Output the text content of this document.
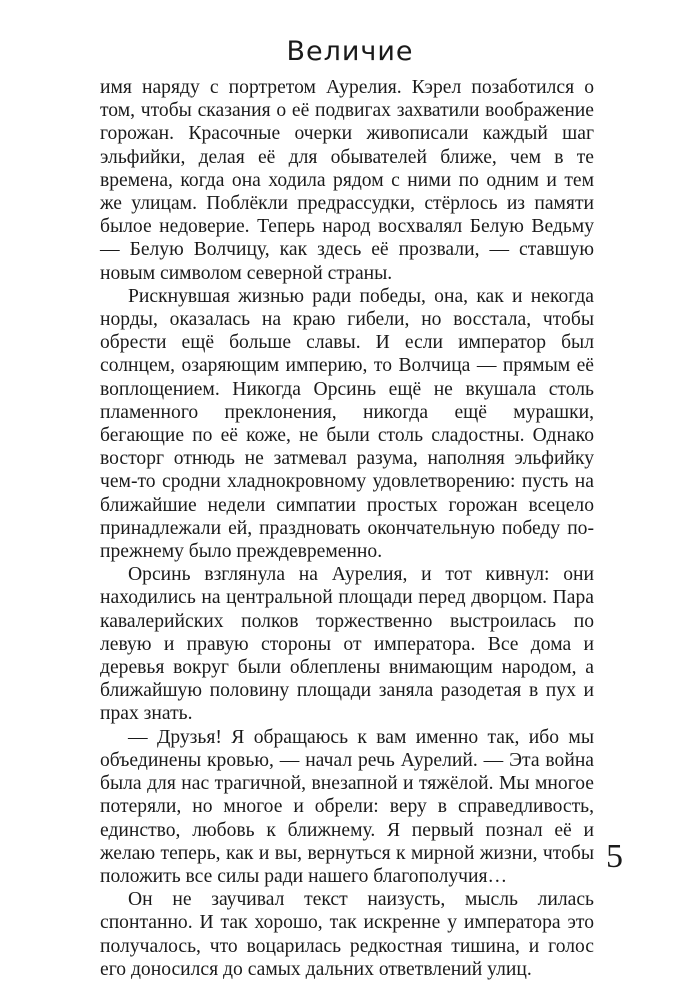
Величие

имя наряду с портретом Аурелия. Кэрел позаботился о том, чтобы сказания о её подвигах захватили воображение горожан. Красочные очерки живописали каждый шаг эльфийки, делая её для обывателей ближе, чем в те времена, когда она ходила рядом с ними по одним и тем же улицам. Поблёкли предрассудки, стёрлось из памяти былое недоверие. Теперь народ восхвалял Белую Ведьму — Белую Волчицу, как здесь её прозвали, — ставшую новым символом северной страны.

Рискнувшая жизнью ради победы, она, как и некогда норды, оказалась на краю гибели, но восстала, чтобы обрести ещё больше славы. И если император был солнцем, озаряющим империю, то Волчица — прямым её воплощением. Никогда Орсинь ещё не вкушала столь пламенного преклонения, никогда ещё мурашки, бегающие по её коже, не были столь сладостны. Однако восторг отнюдь не затмевал разума, наполняя эльфийку чем-то сродни хладнокровному удовлетворению: пусть на ближайшие недели симпатии простых горожан всецело принадлежали ей, праздновать окончательную победу по-прежнему было преждевременно.

Орсинь взглянула на Аурелия, и тот кивнул: они находились на центральной площади перед дворцом. Пара кавалерийских полков торжественно выстроилась по левую и правую стороны от императора. Все дома и деревья вокруг были облеплены внимающим народом, а ближайшую половину площади заняла разодетая в пух и прах знать.

— Друзья! Я обращаюсь к вам именно так, ибо мы объединены кровью, — начал речь Аурелий. — Эта война была для нас трагичной, внезапной и тяжёлой. Мы многое потеряли, но многое и обрели: веру в справедливость, единство, любовь к ближнему. Я первый познал её и желаю теперь, как и вы, вернуться к мирной жизни, чтобы положить все силы ради нашего благополучия…

Он не заучивал текст наизусть, мысль лилась спонтанно. И так хорошо, так искренне у императора это получалось, что воцарилась редкостная тишина, и голос его доносился до самых дальних ответвлений улиц.

5
